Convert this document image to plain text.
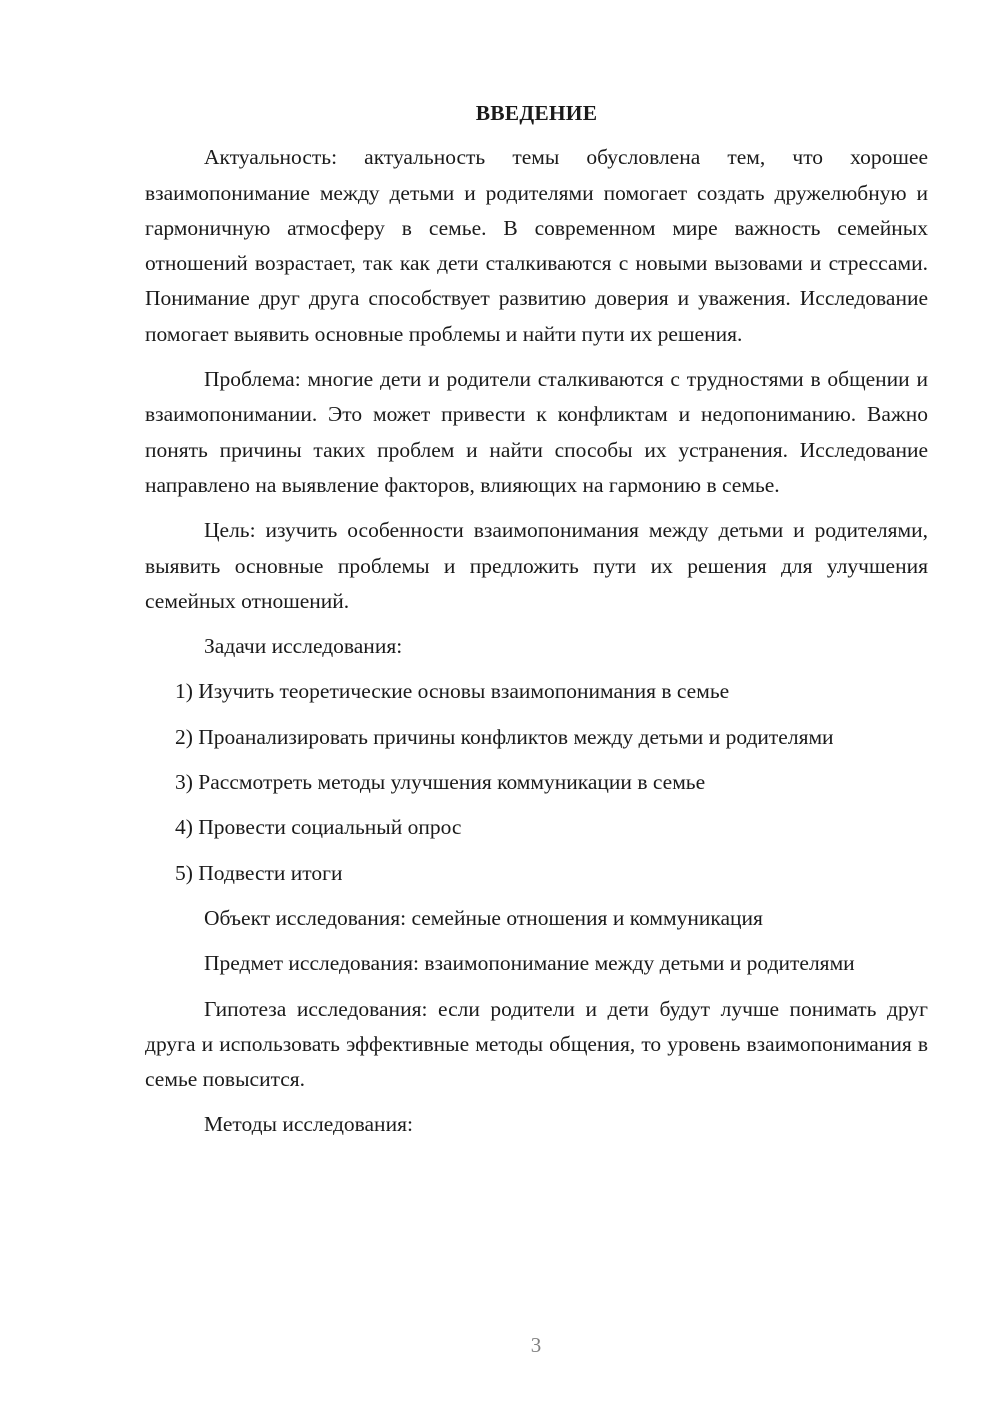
ВВЕДЕНИЕ

Актуальность: актуальность темы обусловлена тем, что хорошее взаимопонимание между детьми и родителями помогает создать дружелюбную и гармоничную атмосферу в семье. В современном мире важность семейных отношений возрастает, так как дети сталкиваются с новыми вызовами и стрессами. Понимание друг друга способствует развитию доверия и уважения. Исследование помогает выявить основные проблемы и найти пути их решения.

Проблема: многие дети и родители сталкиваются с трудностями в общении и взаимопонимании. Это может привести к конфликтам и недопониманию. Важно понять причины таких проблем и найти способы их устранения. Исследование направлено на выявление факторов, влияющих на гармонию в семье.

Цель: изучить особенности взаимопонимания между детьми и родителями, выявить основные проблемы и предложить пути их решения для улучшения семейных отношений.

Задачи исследования:

1) Изучить теоретические основы взаимопонимания в семье

2) Проанализировать причины конфликтов между детьми и родителями

3) Рассмотреть методы улучшения коммуникации в семье

4) Провести социальный опрос

5) Подвести итоги

Объект исследования: семейные отношения и коммуникация

Предмет исследования: взаимопонимание между детьми и родителями

Гипотеза исследования: если родители и дети будут лучше понимать друг друга и использовать эффективные методы общения, то уровень взаимопонимания в семье повысится.

Методы исследования:

3
